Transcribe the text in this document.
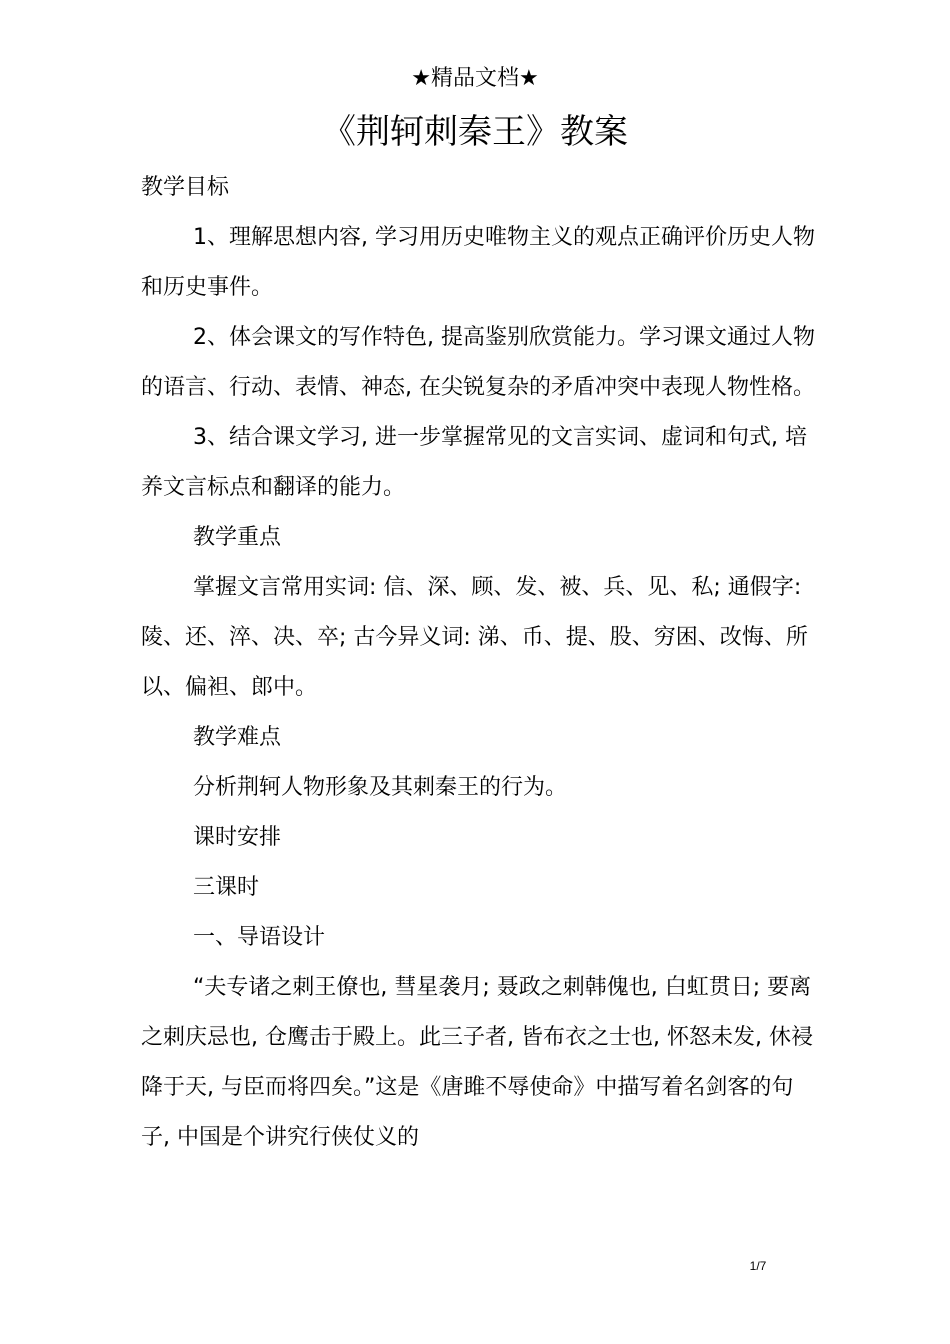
★精品文档★
《荆轲刺秦王》教案

教学目标

1、理解思想内容, 学习用历史唯物主义的观点正确评价历史人物和历史事件。

2、体会课文的写作特色, 提高鉴别欣赏能力。学习课文通过人物的语言、行动、表情、神态, 在尖锐复杂的矛盾冲突中表现人物性格。

3、结合课文学习, 进一步掌握常见的文言实词、虚词和句式, 培养文言标点和翻译的能力。

教学重点

掌握文言常用实词: 信、深、顾、发、被、兵、见、私; 通假字: 陵、还、淬、决、卒; 古今异义词: 涕、币、提、股、穷困、改悔、所以、偏袒、郎中。

教学难点

分析荆轲人物形象及其刺秦王的行为。

课时安排

三课时

一、导语设计

“夫专诸之刺王僚也, 彗星袭月; 聂政之刺韩傀也, 白虹贯日; 要离之刺庆忌也, 仓鹰击于殿上。此三子者, 皆布衣之士也, 怀怒未发, 休祲降于天, 与臣而将四矣。”这是《唐雎不辱使命》中描写着名剑客的句子, 中国是个讲究行侠仗义的

1/7
